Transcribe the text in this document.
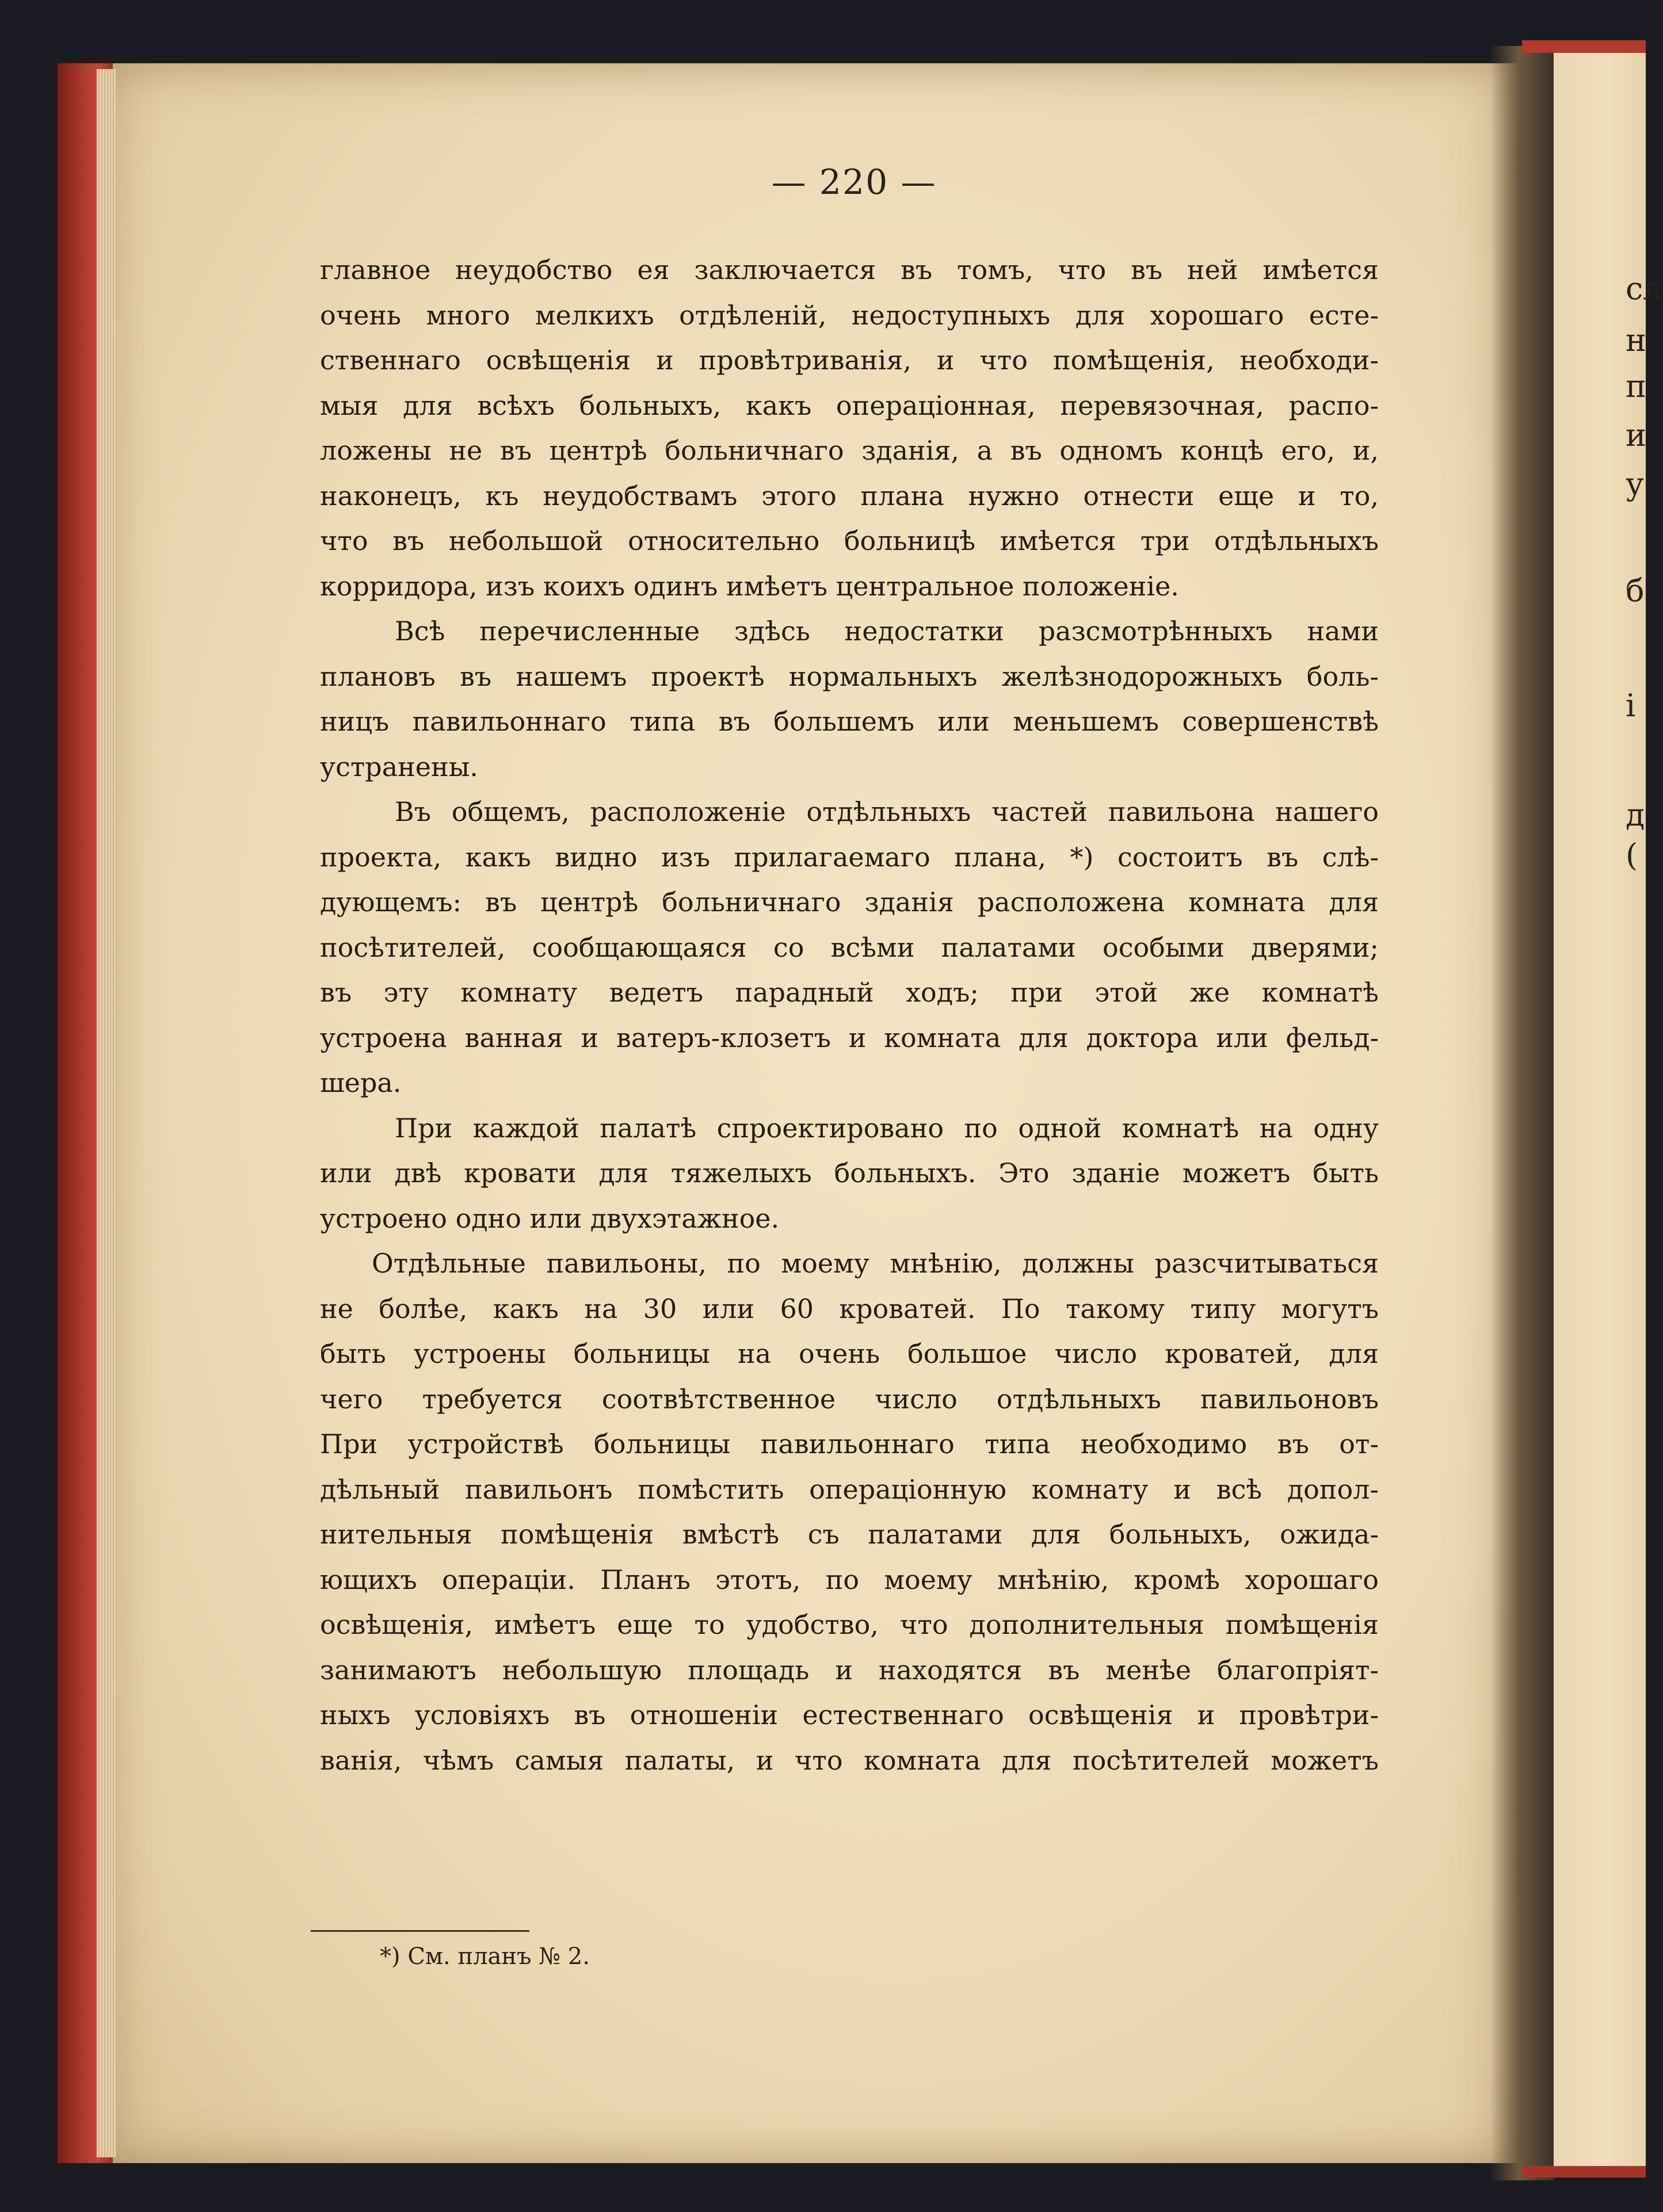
сл
н
п
и
у
б
і
д
(
— 220 —
главное неудобство ея заключается въ томъ, что въ ней имѣется
очень много мелкихъ отдѣленій, недоступныхъ для хорошаго есте-
ственнаго освѣщенія и провѣтриванія, и что помѣщенія, необходи-
мыя для всѣхъ больныхъ, какъ операціонная, перевязочная, распо-
ложены не въ центрѣ больничнаго зданія, а въ одномъ концѣ его, и,
наконецъ, къ неудобствамъ этого плана нужно отнести еще и то,
что въ небольшой относительно больницѣ имѣется три отдѣльныхъ
корридора, изъ коихъ одинъ имѣетъ центральное положеніе.
Всѣ перечисленные здѣсь недостатки разсмотрѣнныхъ нами
плановъ въ нашемъ проектѣ нормальныхъ желѣзнодорожныхъ боль-
ницъ павильоннаго типа въ большемъ или меньшемъ совершенствѣ
устранены.
Въ общемъ, расположеніе отдѣльныхъ частей павильона нашего
проекта, какъ видно изъ прилагаемаго плана, *) состоитъ въ слѣ-
дующемъ: въ центрѣ больничнаго зданія расположена комната для
посѣтителей, сообщающаяся со всѣми палатами особыми дверями;
въ эту комнату ведетъ парадный ходъ; при этой же комнатѣ
устроена ванная и ватеръ-клозетъ и комната для доктора или фельд-
шера.
При каждой палатѣ спроектировано по одной комнатѣ на одну
или двѣ кровати для тяжелыхъ больныхъ. Это зданіе можетъ быть
устроено одно или двухэтажное.
Отдѣльные павильоны, по моему мнѣнію, должны разсчитываться
не болѣе, какъ на 30 или 60 кроватей. По такому типу могутъ
быть устроены больницы на очень большое число кроватей, для
чего требуется соотвѣтственное число отдѣльныхъ павильоновъ
При устройствѣ больницы павильоннаго типа необходимо въ от-
дѣльный павильонъ помѣстить операціонную комнату и всѣ допол-
нительныя помѣщенія вмѣстѣ съ палатами для больныхъ, ожида-
ющихъ операціи. Планъ этотъ, по моему мнѣнію, кромѣ хорошаго
освѣщенія, имѣетъ еще то удобство, что дополнительныя помѣщенія
занимаютъ небольшую площадь и находятся въ менѣе благопріят-
ныхъ условіяхъ въ отношеніи естественнаго освѣщенія и провѣтри-
ванія, чѣмъ самыя палаты, и что комната для посѣтителей можетъ
*) См. планъ № 2.
